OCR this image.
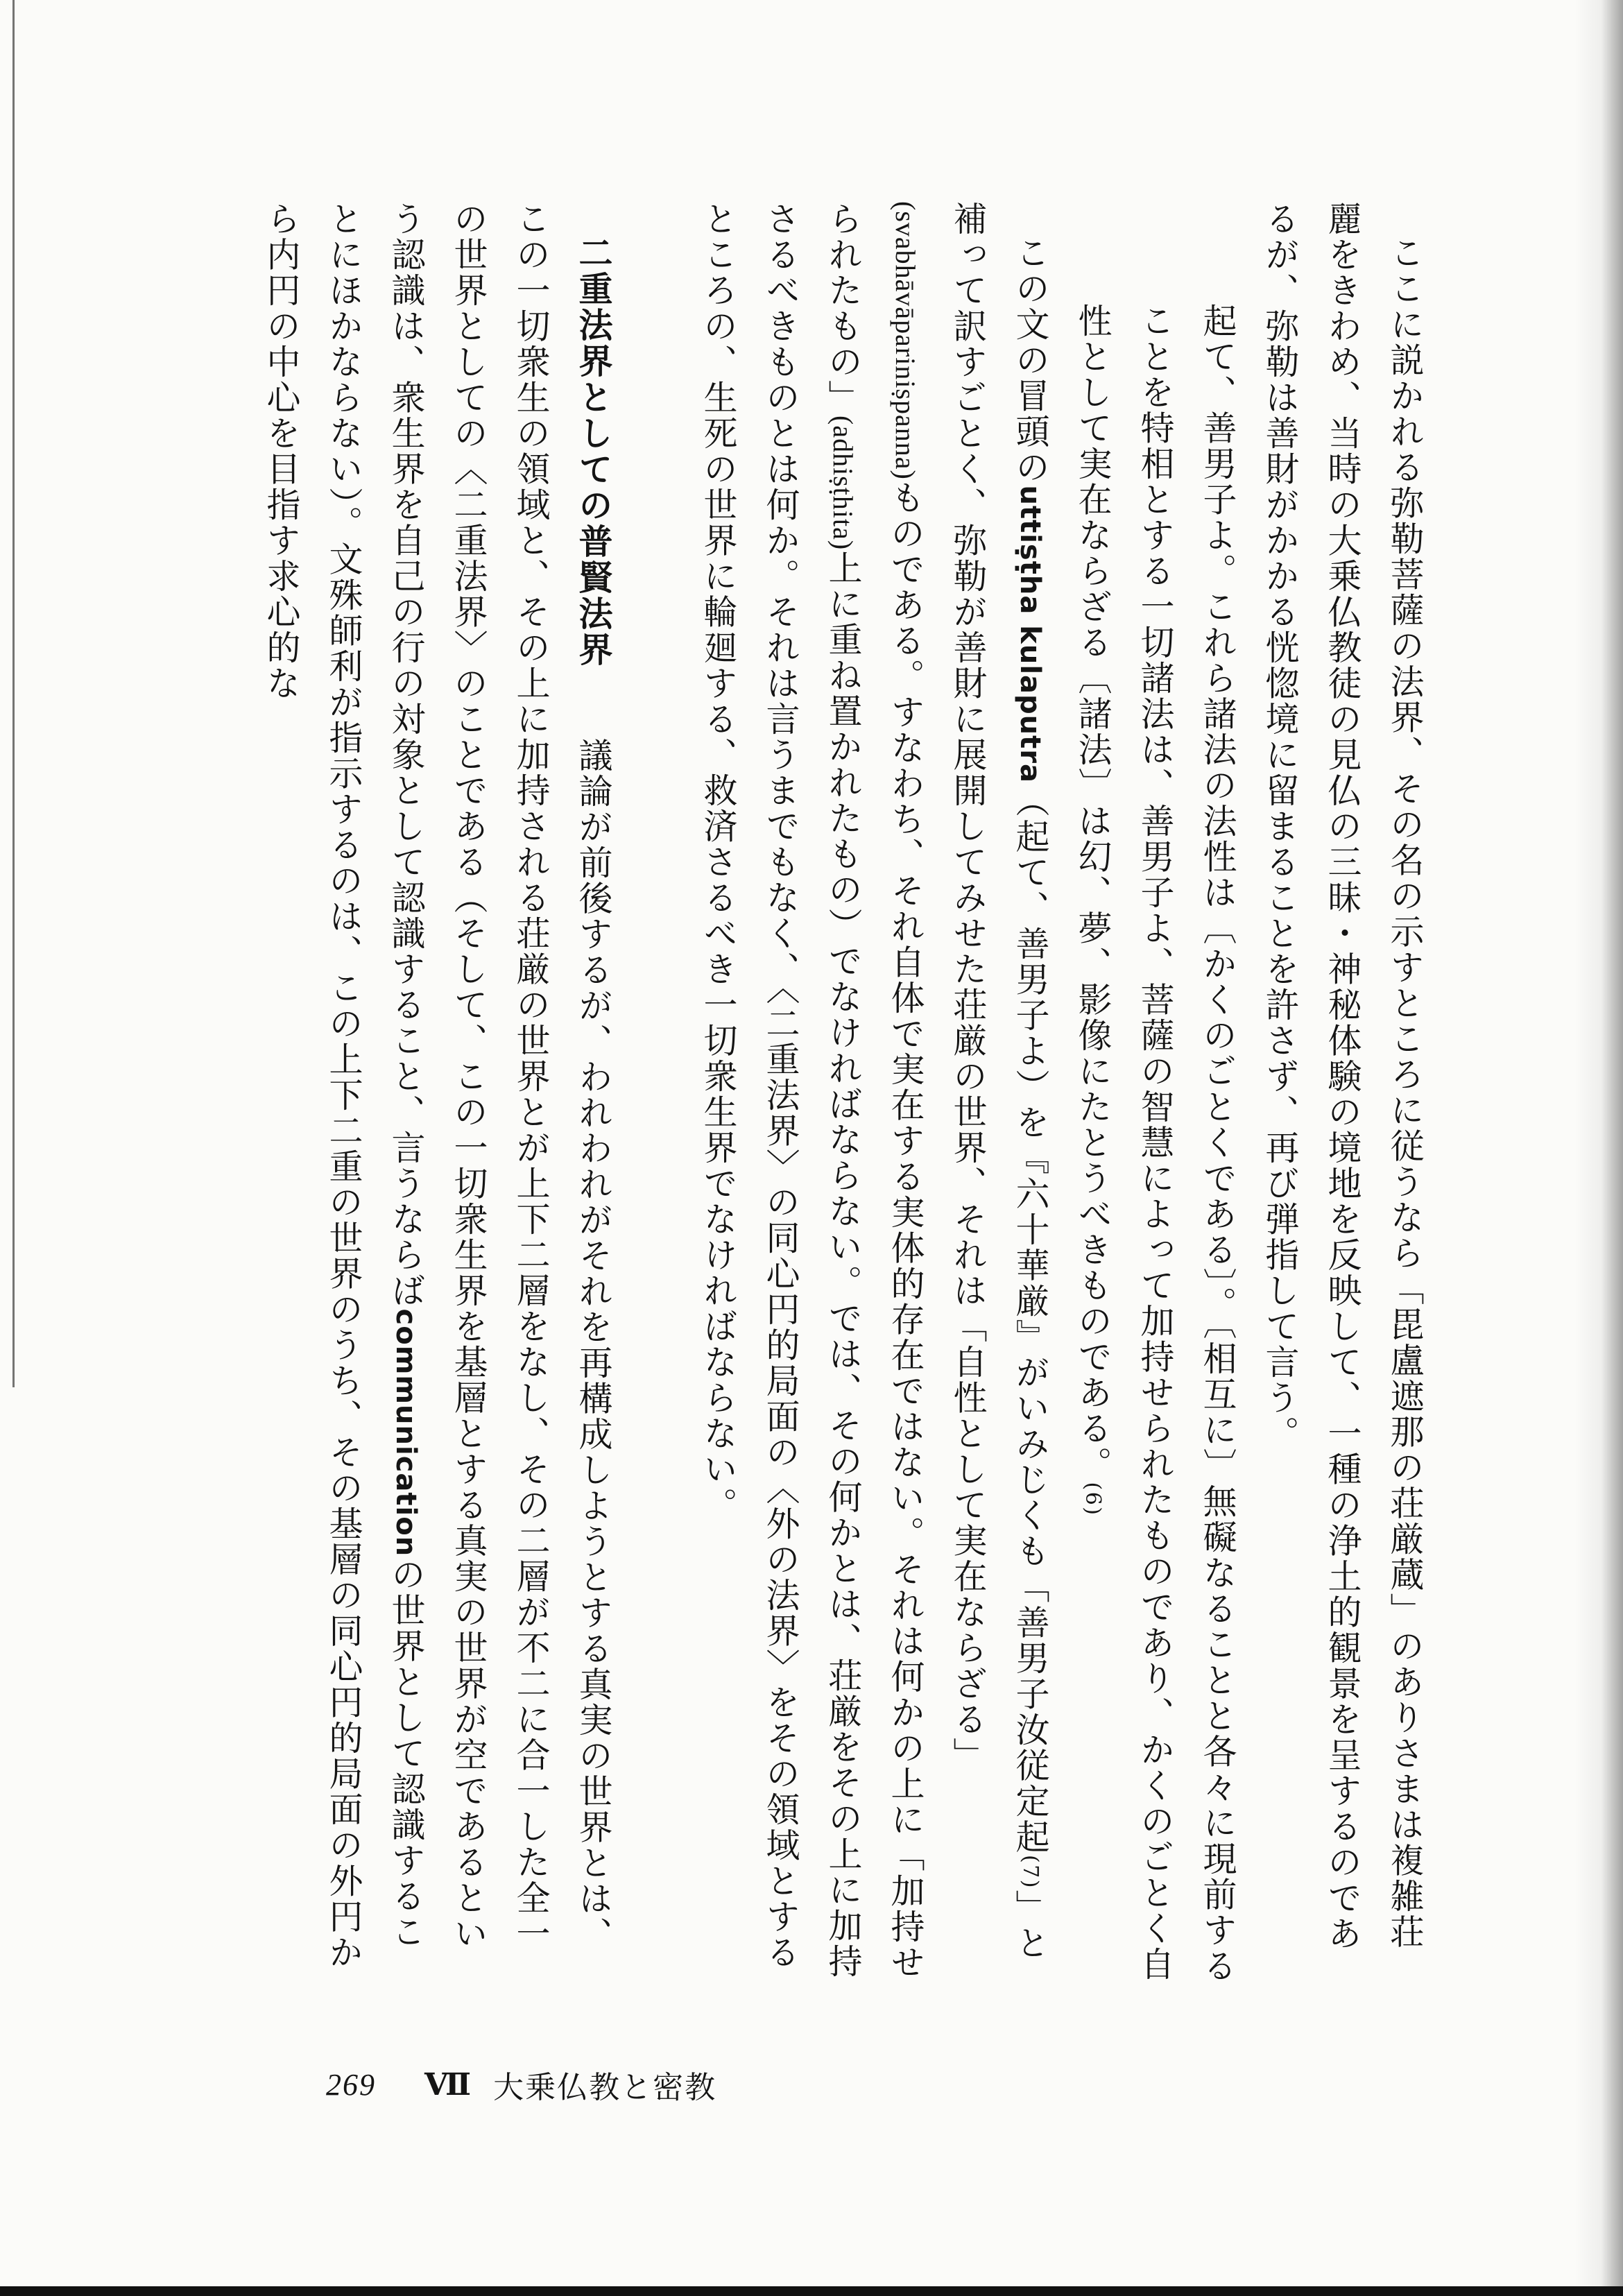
ここに説かれる弥勒菩薩の法界、その名の示すところに従うなら「毘盧遮那の荘厳蔵」のありさまは複雑荘麗をきわめ、当時の大乗仏教徒の見仏の三昧・神秘体験の境地を反映して、一種の浄土的観景を呈するのであるが、弥勒は善財がかかる恍惚境に留まることを許さず、再び弾指して言う。

起て、善男子よ。これら諸法の法性は〔かくのごとくである〕。〔相互に〕無礙なることと各々に現前することを特相とする一切諸法は、善男子よ、菩薩の智慧によって加持せられたものであり、かくのごとく自性として実在ならざる〔諸法〕は幻、夢、影像にたとうべきものである。(6)

この文の冒頭のuttiṣṭha kulaputra（起て、善男子よ）を『六十華厳』がいみじくも「善男子汝従定起(7)」と補って訳すごとく、弥勒が善財に展開してみせた荘厳の世界、それは「自性として実在ならざる」(svabhāvāpariniṣpanna)ものである。すなわち、それ自体で実在する実体的存在ではない。それは何かの上に「加持せられたもの」(adhiṣṭhita)上に重ね置かれたもの）でなければならない。では、その何かとは、荘厳をその上に加持さるべきものとは何か。それは言うまでもなく、〈二重法界〉の同心円的局面の〈外の法界〉をその領域とするところの、生死の世界に輪廻する、救済さるべき一切衆生界でなければならない。

二重法界としての普賢法界　議論が前後するが、われわれがそれを再構成しようとする真実の世界とは、この一切衆生の領域と、その上に加持される荘厳の世界とが上下二層をなし、その二層が不二に合一した全一の世界としての〈二重法界〉のことである（そして、この一切衆生界を基層とする真実の世界が空であるという認識は、衆生界を自己の行の対象として認識すること、言うならばcommunicationの世界として認識することにほかならない）。文殊師利が指示するのは、この上下二重の世界のうち、その基層の同心円的局面の外円から内円の中心を目指す求心的な

269 Ⅶ 大乗仏教と密教
